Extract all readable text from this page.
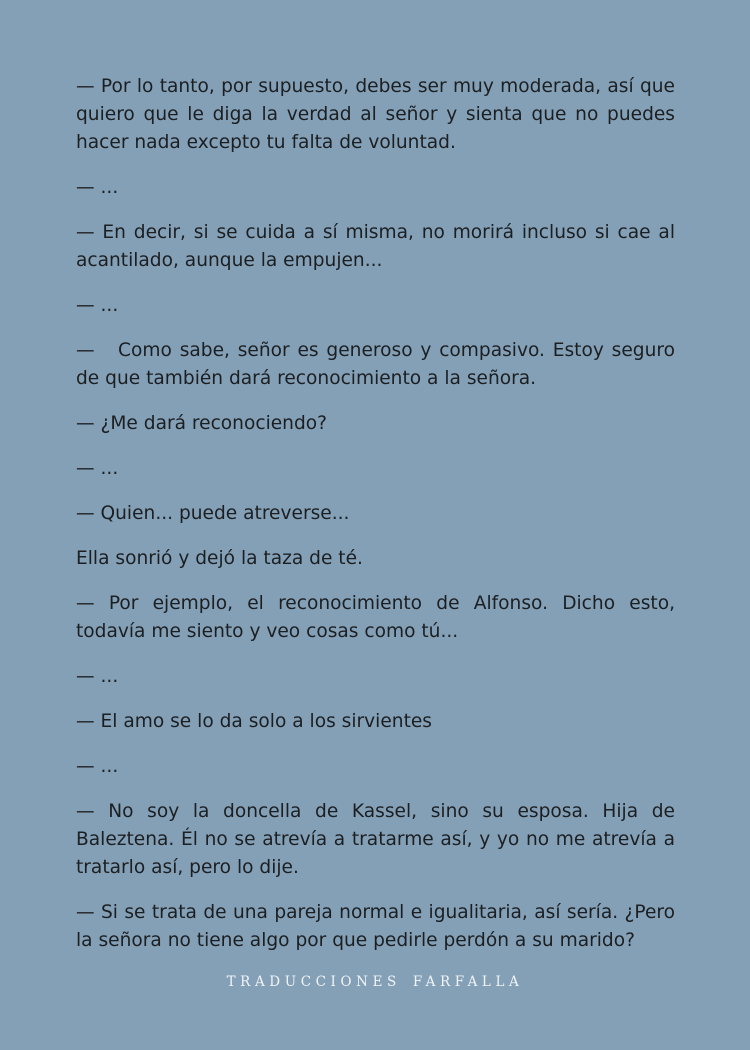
— Por lo tanto, por supuesto, debes ser muy moderada, así que quiero que le diga la verdad al señor y sienta que no puedes hacer nada excepto tu falta de voluntad.

— ...

— En decir, si se cuida a sí misma, no morirá incluso si cae al acantilado, aunque la empujen...

— ...

—   Como sabe, señor es generoso y compasivo. Estoy seguro de que también dará reconocimiento a la señora.

— ¿Me dará reconociendo?

— ...

— Quien... puede atreverse...

Ella sonrió y dejó la taza de té.

— Por ejemplo, el reconocimiento de Alfonso. Dicho esto, todavía me siento y veo cosas como tú...

— ...

— El amo se lo da solo a los sirvientes

— ...

— No soy la doncella de Kassel, sino su esposa. Hija de Baleztena. Él no se atrevía a tratarme así, y yo no me atrevía a tratarlo así, pero lo dije.

— Si se trata de una pareja normal e igualitaria, así sería. ¿Pero la señora no tiene algo por que pedirle perdón a su marido?

TRADUCCIONES FARFALLA
